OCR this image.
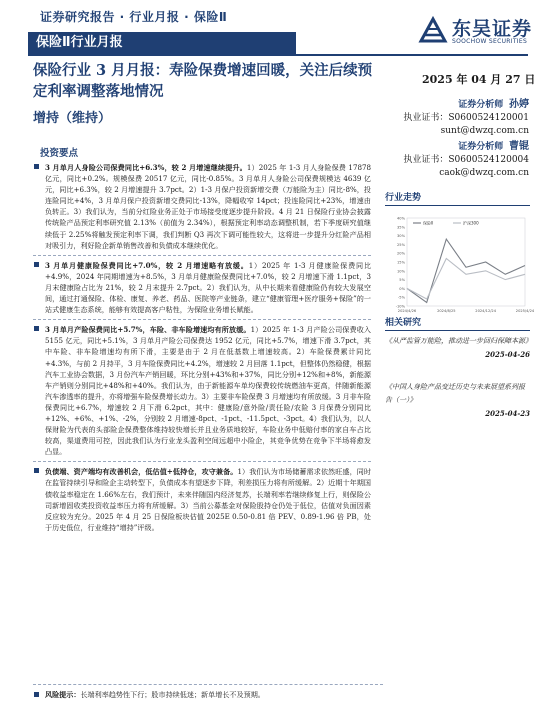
证券研究报告 · 行业月报 · 保险Ⅱ
保险Ⅱ行业月报
东吴证券
SOOCHOW SECURITIES
保险行业 3 月月报：寿险保费增速回暖，关注后续预定利率调整落地情况
增持（维持）
2025 年 04 月 27 日
证券分析师 孙婷
执业证书：S0600524120001
sunt@dwzq.com.cn
证券分析师 曹锟
执业证书：S0600524120004
caok@dwzq.com.cn
投资要点
3 月单月人身险公司保费同比+6.3%，较 2 月增速继续提升。1）2025 年 1-3 月人身险保费 17878 亿元，同比+0.2%。规模保费 20517 亿元，同比-0.85%。3 月单月人身险公司保费规模达 4639 亿元，同比+6.3%，较 2 月增速提升 3.7pct。2）1-3 月保户投资新增交费（万能险为主）同比-8%，投连险同比+4%，3 月单月保户投资新增交费同比-13%，降幅收窄 14pct；投连险同比+23%，增速由负转正。3）我们认为，当前分红险业务正处于市场接受度逐步提升阶段。4 月 21 日保险行业协会披露传统险产品预定利率研究值 2.13%（前值为 2.34%），根据预定利率动态调整机制，若下季度研究值继续低于 2.25%将触发预定利率下调，我们判断 Q3 再次下调可能性较大，这将进一步提升分红险产品相对吸引力，利好险企新单销售改善和负债成本继续优化。
3 月单月健康险保费同比+7.0%，较 2 月增速略有放缓。1）2025 年 1-3 月健康险保费同比+4.9%，2024 年同期增速为+8.5%，3 月单月健康险保费同比+7.0%，较 2 月增速下滑 1.1pct，3 月末健康险占比为 21%，较 2 月末提升 2.7pct。2）我们认为，从中长期来看健康险仍有较大发展空间，通过打通保险、体检、康复、养老、药品、医院等产业链条，建立“健康管理+医疗服务+保险”的一站式健康生态系统，能够有效提高客户粘性，为保险业务增长赋能。
3 月单月产险保费同比+5.7%，车险、非车险增速均有所放缓。1）2025 年 1-3 月产险公司保费收入 5155 亿元，同比+5.1%，3 月单月产险公司保费达 1952 亿元，同比+5.7%，增速下滑 3.7pct，其中车险、非车险增速均有所下滑，主要是由于 2 月在低基数上增速较高。2）车险保费累计同比+4.3%，与前 2 月持平，3 月车险保费同比+4.2%，增速较 2 月回落 1.1pct，但整体仍然稳健，根据汽车工业协会数据，3 月份汽车产销回暖，环比分别+43%和+37%，同比分别+12%和+8%，新能源车产销则分别同比+48%和+40%。我们认为，由于新能源车单均保费较传统燃油车更高，伴随新能源汽车渗透率的提升，亦将增强车险保费增长动力。3）主要非车险保费 3 月增速均有所放缓。3 月非车险保费同比+6.7%，增速较 2 月下滑 6.2pct，其中：健康险/意外险/责任险/农险 3 月保费分别同比+12%、+6%、+1%、-2%，分别较 2 月增速-8pct、-1pct、-11.5pct、-3pct。4）我们认为，以人保财险为代表的头部险企保费整体维持较快增长并且业务质地较好，车险业务中低赔付率的家自车占比较高，渠道费用可控，因此我们认为行业龙头盈利空间远超中小险企，其竞争优势在竞争下半场将愈发凸显。
负债端、资产端均有改善机会，低估值+低持仓，攻守兼备。1）我们认为市场储蓄需求依然旺盛，同时在监管持续引导和险企主动转型下，负债成本有望逐步下降，利差损压力将有所缓解。2）近期十年期国债收益率稳定在 1.66%左右，我们预计，未来伴随国内经济复苏，长端利率若继续修复上行，则保险公司新增固收类投资收益率压力将有所缓解。3）当前公募基金对保险股持仓仍处于低位，估值对负面因素反应较为充分。2025 年 4 月 25 日保险板块估值 2025E 0.50-0.81 倍 PEV、0.89-1.96 倍 PB，处于历史低位，行业维持“增持”评级。
风险提示：长端利率趋势性下行；股市持续低迷；新单增长不及预期。
行业走势
40%
35%
30%
25%
20%
15%
10%
5%
0%
-5%
-10%
2024/4/26	2024/8/25	2024/12/24	2025/4/24
保险Ⅱ	沪深300
相关研究
《从严监管万能险，推动进一步回归保障本源》
2025-04-26
《中国人身险产品变迁历史与未来展望系列报告（一）》
2025-04-23
